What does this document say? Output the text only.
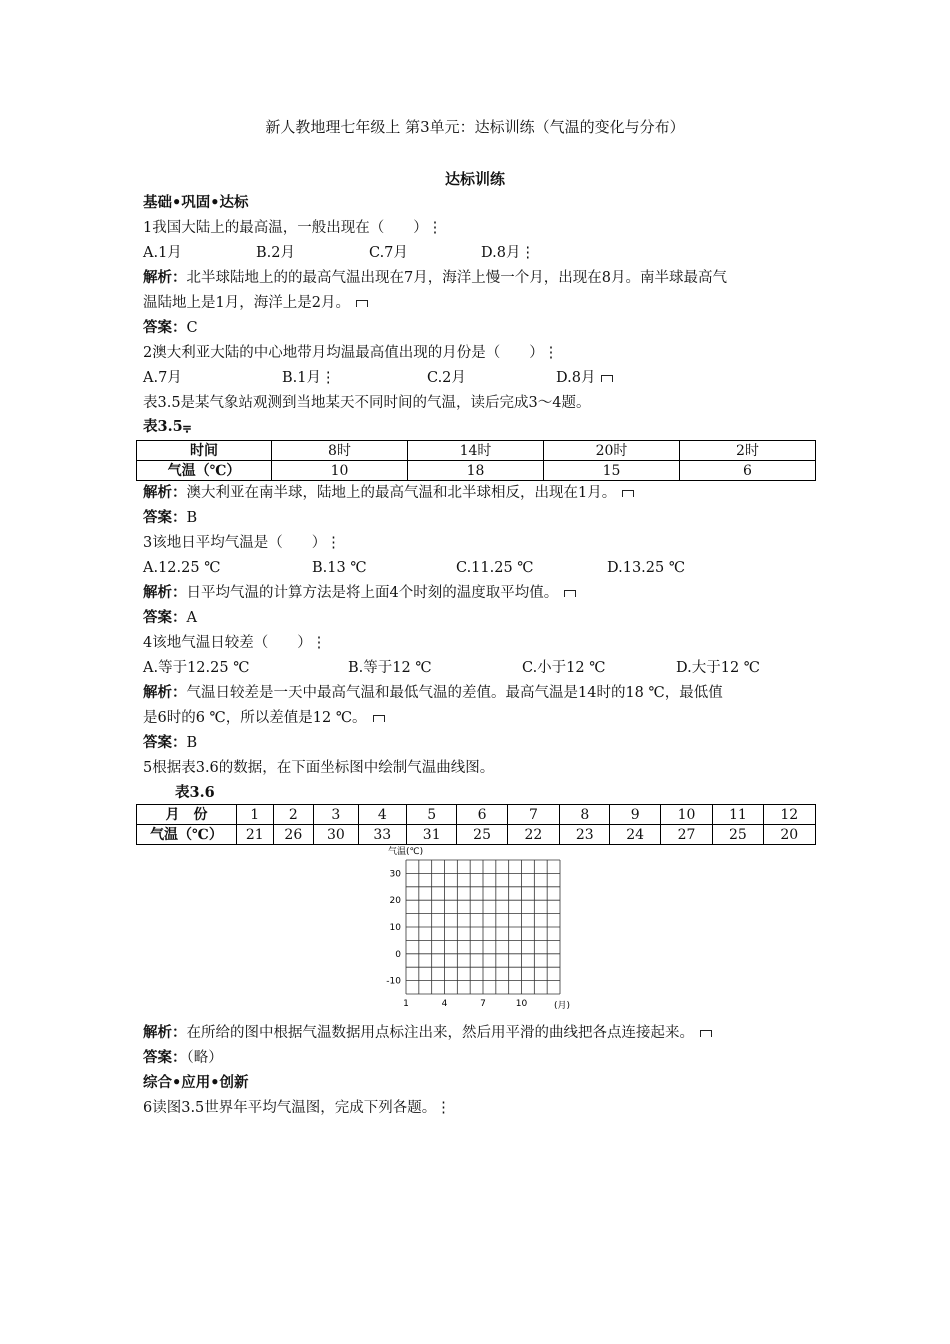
新人教地理七年级上 第3单元：达标训练（气温的变化与分布）
达标训练
基础•巩固•达标
1我国大陆上的最高温，一般出现在（　　）⋮
A.1月	B.2月	C.7月	D.8月⋮
解析：北半球陆地上的的最高气温出现在7月，海洋上慢一个月，出现在8月。南半球最高气
温陆地上是1月，海洋上是2月。
答案：C
2澳大利亚大陆的中心地带月均温最高值出现的月份是（　　）⋮
A.7月	B.1月⋮	C.2月	D.8月
表3.5是某气象站观测到当地某天不同时间的气温，读后完成3～4题。
表3.5⩦
时间	8时	14时	20时	2时
气温（℃）	10	18	15	6
解析：澳大利亚在南半球，陆地上的最高气温和北半球相反，出现在1月。
答案：B
3该地日平均气温是（　　）⋮
A.12.25 ℃	B.13 ℃	C.11.25 ℃	D.13.25 ℃
解析：日平均气温的计算方法是将上面4个时刻的温度取平均值。
答案：A
4该地气温日较差（　　）⋮
A.等于12.25 ℃	B.等于12 ℃	C.小于12 ℃	D.大于12 ℃
解析：气温日较差是一天中最高气温和最低气温的差值。最高气温是14时的18 ℃，最低值
是6时的6 ℃，所以差值是12 ℃。
答案：B
5根据表3.6的数据，在下面坐标图中绘制气温曲线图。
表3.6
月　份	1	2	3	4	5	6	7	8	9	10	11	12
气温（℃）	21	26	30	33	31	25	22	23	24	27	25	20
30
20
10
0
-10
1	4	7	10
气温(℃)
(月)
解析：在所给的图中根据气温数据用点标注出来，然后用平滑的曲线把各点连接起来。
答案：（略）
综合•应用•创新
6读图3.5世界年平均气温图，完成下列各题。⋮
